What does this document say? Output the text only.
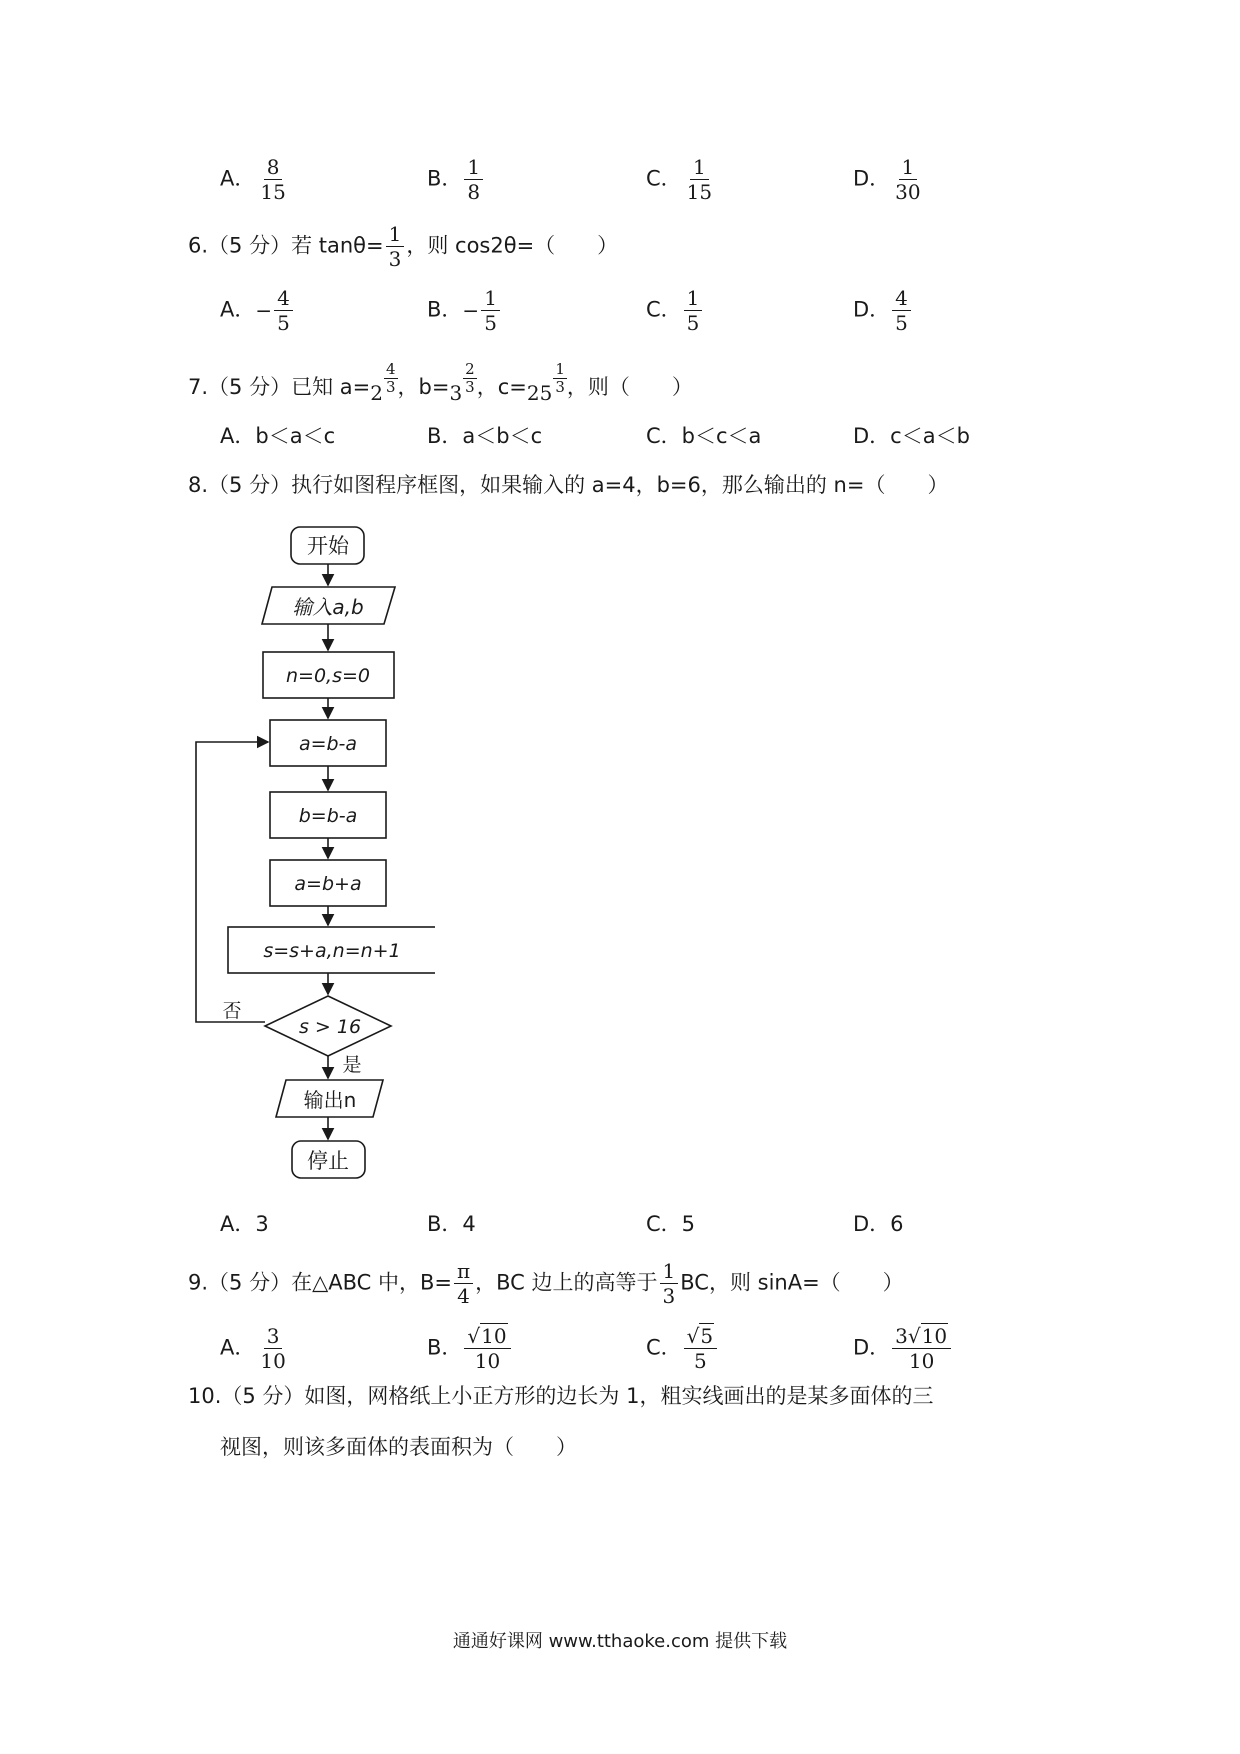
A． $\frac{8}{15}$	B． $\frac{1}{8}$	C． $\frac{1}{15}$	D． $\frac{1}{30}$
6.（5 分）若 $\tan\theta= \frac{1}{3}$ ，则 cos2θ=（　　）
A．− $\frac{4}{5}$	B．− $\frac{1}{5}$	C． $\frac{1}{5}$	D． $\frac{4}{5}$
7.（5 分）已知 $a=2 \frac{4}{3}$ ，$b=3 \frac{2}{3}$ ，$c=25 \frac{1}{3}$ ，则（　　）
A．b＜a＜c	B．a＜b＜c	C．b＜c＜a	D．c＜a＜b
8.（5 分）执行如图程序框图，如果输入的 a=4，b=6，那么输出的 n=（　　）
开始
输入a,b
n=0,s=0
a=b-a
b=b-a
a=b+a
s=s+a,n=n+1
s > 16
否
是
输出n
停止
A．3	B．4	C．5	D．6
9.（5 分）在△ABC 中，$B= \frac{\pi}{4}$ ，BC 边上的高等于 $\frac{1}{3}$ BC，则 sinA=（　　）
A． $\frac{3}{10}$	B． $\frac{√10}{10}$	C． $\frac{√5}{5}$	D． $\frac{3√10}{10}$
10.（5 分）如图，网格纸上小正方形的边长为 1，粗实线画出的是某多面体的三
视图，则该多面体的表面积为（　　）
通通好课网 www.tthaoke.com 提供下载
